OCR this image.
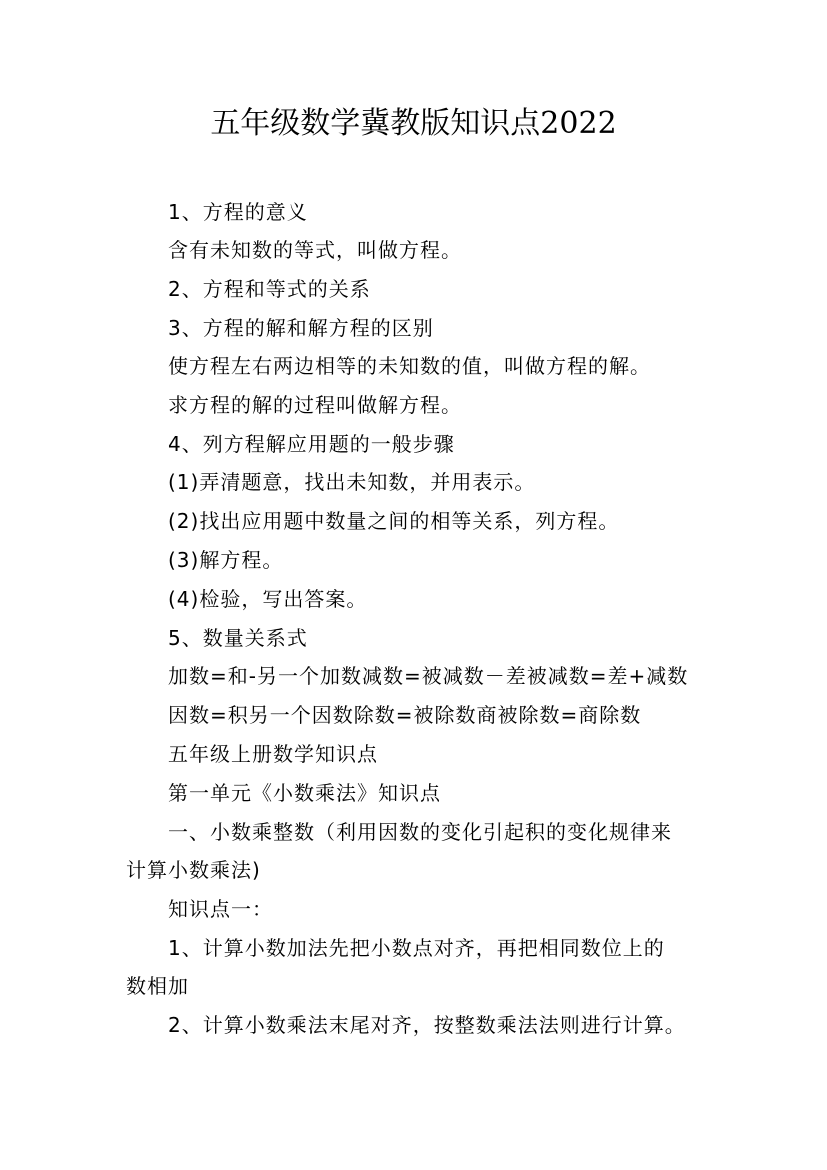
五年级数学冀教版知识点2022
1、方程的意义
含有未知数的等式，叫做方程。
2、方程和等式的关系
3、方程的解和解方程的区别
使方程左右两边相等的未知数的值，叫做方程的解。
求方程的解的过程叫做解方程。
4、列方程解应用题的一般步骤
(1)弄清题意，找出未知数，并用表示。
(2)找出应用题中数量之间的相等关系，列方程。
(3)解方程。
(4)检验，写出答案。
5、数量关系式
加数=和-另一个加数减数=被减数－差被减数=差+减数
因数=积另一个因数除数=被除数商被除数=商除数
五年级上册数学知识点
第一单元《小数乘法》知识点
一、小数乘整数（利用因数的变化引起积的变化规律来
计算小数乘法)
知识点一：
1、计算小数加法先把小数点对齐，再把相同数位上的
数相加
2、计算小数乘法末尾对齐，按整数乘法法则进行计算。
